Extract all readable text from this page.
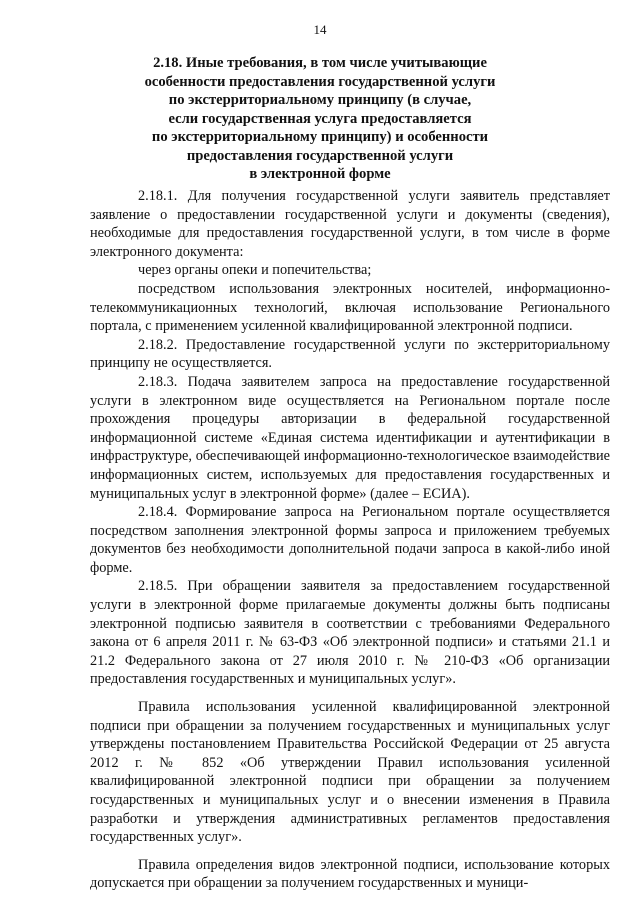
14
2.18. Иные требования, в том числе учитывающие
особенности предоставления государственной услуги
по экстерриториальному принципу (в случае,
если государственная услуга предоставляется
по экстерриториальному принципу) и особенности
предоставления государственной услуги
в электронной форме

2.18.1. Для получения государственной услуги заявитель представляет заявление о предоставлении государственной услуги и документы (сведения), необходимые для предоставления государственной услуги, в том числе в форме электронного документа:

через органы опеки и попечительства;

посредством использования электронных носителей, информационно-телекоммуникационных технологий, включая использование Регионального портала, с применением усиленной квалифицированной электронной подписи.

2.18.2. Предоставление государственной услуги по экстерриториальному принципу не осуществляется.

2.18.3. Подача заявителем запроса на предоставление государственной услуги в электронном виде осуществляется на Региональном портале после прохождения процедуры авторизации в федеральной государственной информационной системе «Единая система идентификации и аутентификации в инфраструктуре, обеспечивающей информационно-технологическое взаимодействие информационных систем, используемых для предоставления государственных и муниципальных услуг в электронной форме» (далее – ЕСИА).

2.18.4. Формирование запроса на Региональном портале осуществляется посредством заполнения электронной формы запроса и приложением требуемых документов без необходимости дополнительной подачи запроса в какой-либо иной форме.

2.18.5. При обращении заявителя за предоставлением государственной услуги в электронной форме прилагаемые документы должны быть подписаны электронной подписью заявителя в соответствии с требованиями Федерального закона от 6 апреля 2011 г. № 63-ФЗ «Об электронной подписи» и статьями 21.1 и 21.2 Федерального закона от 27 июля 2010 г. № 210-ФЗ «Об организации предоставления государственных и муниципальных услуг».

Правила использования усиленной квалифицированной электронной подписи при обращении за получением государственных и муниципальных услуг утверждены постановлением Правительства Российской Федерации от 25 августа 2012 г. № 852 «Об утверждении Правил использования усиленной квалифицированной электронной подписи при обращении за получением государственных и муниципальных услуг и о внесении изменения в Правила разработки и утверждения административных регламентов предоставления государственных услуг».

Правила определения видов электронной подписи, использование которых допускается при обращении за получением государственных и муници-
